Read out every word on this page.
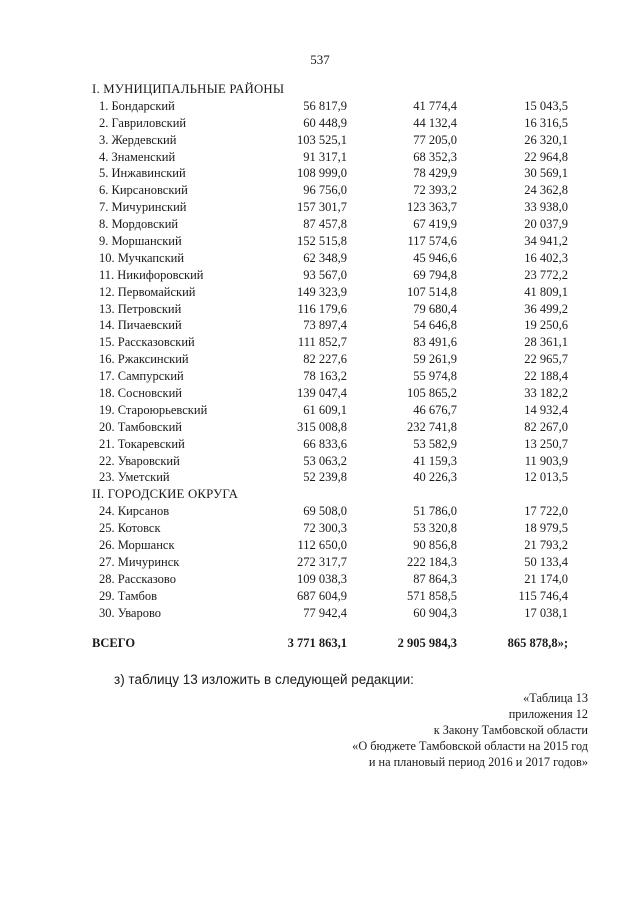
537
I. МУНИЦИПАЛЬНЫЕ РАЙОНЫ
1. Бондарский	56 817,9	41 774,4	15 043,5
2. Гавриловский	60 448,9	44 132,4	16 316,5
3. Жердевский	103 525,1	77 205,0	26 320,1
4. Знаменский	91 317,1	68 352,3	22 964,8
5. Инжавинский	108 999,0	78 429,9	30 569,1
6. Кирсановский	96 756,0	72 393,2	24 362,8
7. Мичуринский	157 301,7	123 363,7	33 938,0
8. Мордовский	87 457,8	67 419,9	20 037,9
9. Моршанский	152 515,8	117 574,6	34 941,2
10. Мучкапский	62 348,9	45 946,6	16 402,3
11. Никифоровский	93 567,0	69 794,8	23 772,2
12. Первомайский	149 323,9	107 514,8	41 809,1
13. Петровский	116 179,6	79 680,4	36 499,2
14. Пичаевский	73 897,4	54 646,8	19 250,6
15. Рассказовский	111 852,7	83 491,6	28 361,1
16. Ржаксинский	82 227,6	59 261,9	22 965,7
17. Сампурский	78 163,2	55 974,8	22 188,4
18. Сосновский	139 047,4	105 865,2	33 182,2
19. Староюрьевский	61 609,1	46 676,7	14 932,4
20. Тамбовский	315 008,8	232 741,8	82 267,0
21. Токаревский	66 833,6	53 582,9	13 250,7
22. Уваровский	53 063,2	41 159,3	11 903,9
23. Уметский	52 239,8	40 226,3	12 013,5
II. ГОРОДСКИЕ ОКРУГА
24. Кирсанов	69 508,0	51 786,0	17 722,0
25. Котовск	72 300,3	53 320,8	18 979,5
26. Моршанск	112 650,0	90 856,8	21 793,2
27. Мичуринск	272 317,7	222 184,3	50 133,4
28. Рассказово	109 038,3	87 864,3	21 174,0
29. Тамбов	687 604,9	571 858,5	115 746,4
30. Уварово	77 942,4	60 904,3	17 038,1
ВСЕГО	3 771 863,1	2 905 984,3	865 878,8»;
з) таблицу 13 изложить в следующей редакции:
«Таблица 13
приложения 12
к Закону Тамбовской области
«О бюджете Тамбовской области на 2015 год
и на плановый период 2016 и 2017 годов»
